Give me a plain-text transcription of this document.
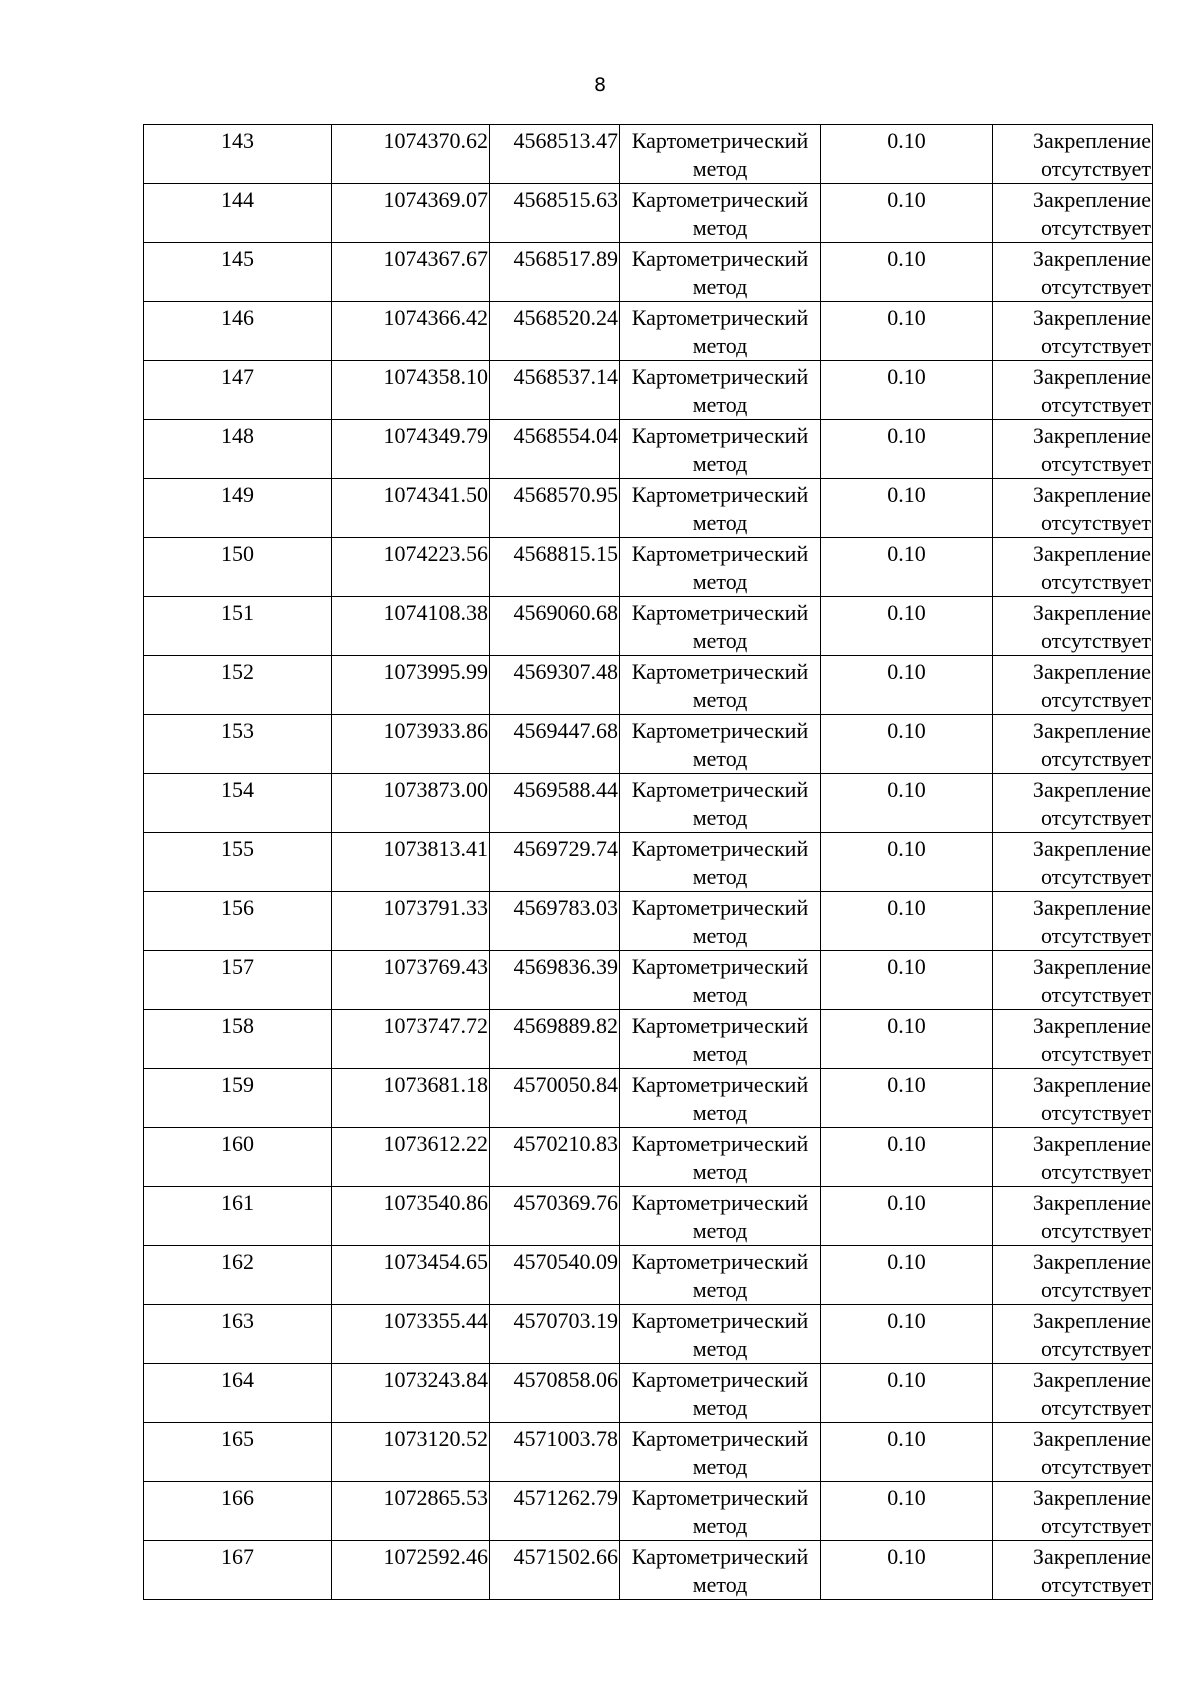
8
143	1074370.62	4568513.47	Картометрический метод	0.10	Закрепление отсутствует
144	1074369.07	4568515.63	Картометрический метод	0.10	Закрепление отсутствует
145	1074367.67	4568517.89	Картометрический метод	0.10	Закрепление отсутствует
146	1074366.42	4568520.24	Картометрический метод	0.10	Закрепление отсутствует
147	1074358.10	4568537.14	Картометрический метод	0.10	Закрепление отсутствует
148	1074349.79	4568554.04	Картометрический метод	0.10	Закрепление отсутствует
149	1074341.50	4568570.95	Картометрический метод	0.10	Закрепление отсутствует
150	1074223.56	4568815.15	Картометрический метод	0.10	Закрепление отсутствует
151	1074108.38	4569060.68	Картометрический метод	0.10	Закрепление отсутствует
152	1073995.99	4569307.48	Картометрический метод	0.10	Закрепление отсутствует
153	1073933.86	4569447.68	Картометрический метод	0.10	Закрепление отсутствует
154	1073873.00	4569588.44	Картометрический метод	0.10	Закрепление отсутствует
155	1073813.41	4569729.74	Картометрический метод	0.10	Закрепление отсутствует
156	1073791.33	4569783.03	Картометрический метод	0.10	Закрепление отсутствует
157	1073769.43	4569836.39	Картометрический метод	0.10	Закрепление отсутствует
158	1073747.72	4569889.82	Картометрический метод	0.10	Закрепление отсутствует
159	1073681.18	4570050.84	Картометрический метод	0.10	Закрепление отсутствует
160	1073612.22	4570210.83	Картометрический метод	0.10	Закрепление отсутствует
161	1073540.86	4570369.76	Картометрический метод	0.10	Закрепление отсутствует
162	1073454.65	4570540.09	Картометрический метод	0.10	Закрепление отсутствует
163	1073355.44	4570703.19	Картометрический метод	0.10	Закрепление отсутствует
164	1073243.84	4570858.06	Картометрический метод	0.10	Закрепление отсутствует
165	1073120.52	4571003.78	Картометрический метод	0.10	Закрепление отсутствует
166	1072865.53	4571262.79	Картометрический метод	0.10	Закрепление отсутствует
167	1072592.46	4571502.66	Картометрический метод	0.10	Закрепление отсутствует
